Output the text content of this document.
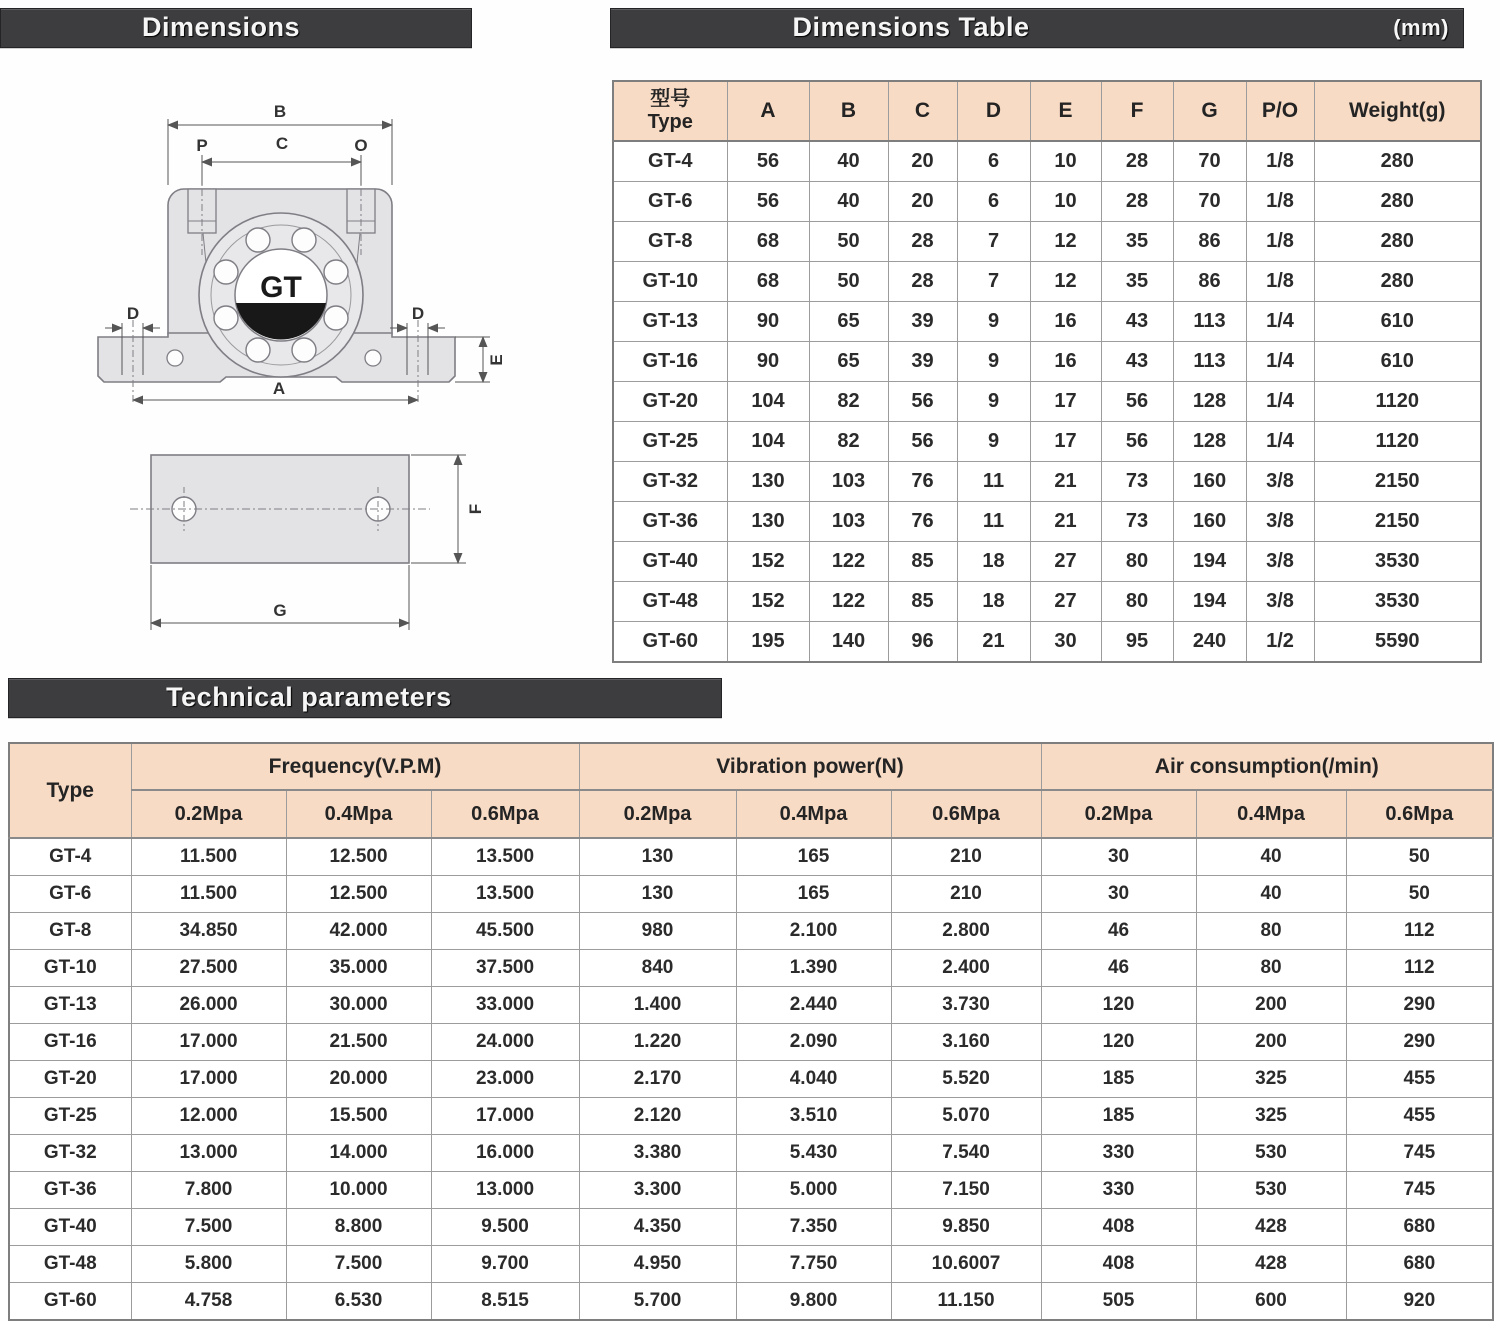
Dimensions	Dimensions Table	(mm)
Technical parameters
B
P	C	O
GT
D	D
E
A
F
G
型号
Type	A	B	C	D	E	F	G	P/O	Weight(g)
GT-4	56	40	20	6	10	28	70	1/8	280
GT-6	56	40	20	6	10	28	70	1/8	280
GT-8	68	50	28	7	12	35	86	1/8	280
GT-10	68	50	28	7	12	35	86	1/8	280
GT-13	90	65	39	9	16	43	113	1/4	610
GT-16	90	65	39	9	16	43	113	1/4	610
GT-20	104	82	56	9	17	56	128	1/4	1120
GT-25	104	82	56	9	17	56	128	1/4	1120
GT-32	130	103	76	11	21	73	160	3/8	2150
GT-36	130	103	76	11	21	73	160	3/8	2150
GT-40	152	122	85	18	27	80	194	3/8	3530
GT-48	152	122	85	18	27	80	194	3/8	3530
GT-60	195	140	96	21	30	95	240	1/2	5590
Type	Frequency(V.P.M)			Vibration power(N)			Air consumption(/min)		
	0.2Mpa	0.4Mpa	0.6Mpa	0.2Mpa	0.4Mpa	0.6Mpa	0.2Mpa	0.4Mpa	0.6Mpa
GT-4	11.500	12.500	13.500	130	165	210	30	40	50
GT-6	11.500	12.500	13.500	130	165	210	30	40	50
GT-8	34.850	42.000	45.500	980	2.100	2.800	46	80	112
GT-10	27.500	35.000	37.500	840	1.390	2.400	46	80	112
GT-13	26.000	30.000	33.000	1.400	2.440	3.730	120	200	290
GT-16	17.000	21.500	24.000	1.220	2.090	3.160	120	200	290
GT-20	17.000	20.000	23.000	2.170	4.040	5.520	185	325	455
GT-25	12.000	15.500	17.000	2.120	3.510	5.070	185	325	455
GT-32	13.000	14.000	16.000	3.380	5.430	7.540	330	530	745
GT-36	7.800	10.000	13.000	3.300	5.000	7.150	330	530	745
GT-40	7.500	8.800	9.500	4.350	7.350	9.850	408	428	680
GT-48	5.800	7.500	9.700	4.950	7.750	10.6007	408	428	680
GT-60	4.758	6.530	8.515	5.700	9.800	11.150	505	600	920
